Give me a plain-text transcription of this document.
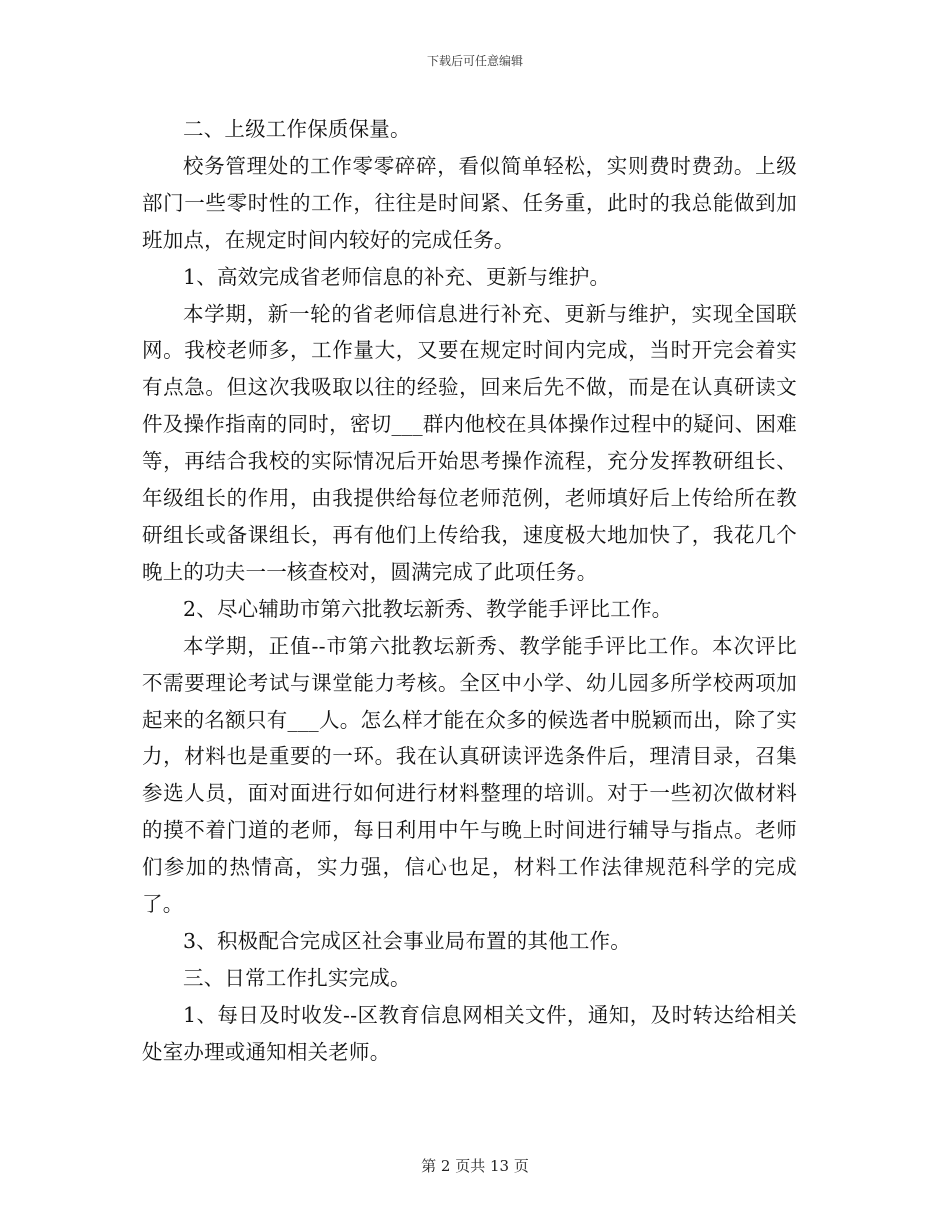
下载后可任意编辑

二、上级工作保质保量。

校务管理处的工作零零碎碎，看似简单轻松，实则费时费劲。上级部门一些零时性的工作，往往是时间紧、任务重，此时的我总能做到加班加点，在规定时间内较好的完成任务。

1、高效完成省老师信息的补充、更新与维护。

本学期，新一轮的省老师信息进行补充、更新与维护，实现全国联网。我校老师多，工作量大，又要在规定时间内完成，当时开完会着实有点急。但这次我吸取以往的经验，回来后先不做，而是在认真研读文件及操作指南的同时，密切___群内他校在具体操作过程中的疑问、困难等，再结合我校的实际情况后开始思考操作流程，充分发挥教研组长、年级组长的作用，由我提供给每位老师范例，老师填好后上传给所在教研组长或备课组长，再有他们上传给我，速度极大地加快了，我花几个晚上的功夫一一核查校对，圆满完成了此项任务。

2、尽心辅助市第六批教坛新秀、教学能手评比工作。

本学期，正值--市第六批教坛新秀、教学能手评比工作。本次评比不需要理论考试与课堂能力考核。全区中小学、幼儿园多所学校两项加起来的名额只有___人。怎么样才能在众多的候选者中脱颖而出，除了实力，材料也是重要的一环。我在认真研读评选条件后，理清目录，召集参选人员，面对面进行如何进行材料整理的培训。对于一些初次做材料的摸不着门道的老师，每日利用中午与晚上时间进行辅导与指点。老师们参加的热情高，实力强，信心也足，材料工作法律规范科学的完成了。

3、积极配合完成区社会事业局布置的其他工作。

三、日常工作扎实完成。

1、每日及时收发--区教育信息网相关文件，通知，及时转达给相关处室办理或通知相关老师。

第 2 页共 13 页
